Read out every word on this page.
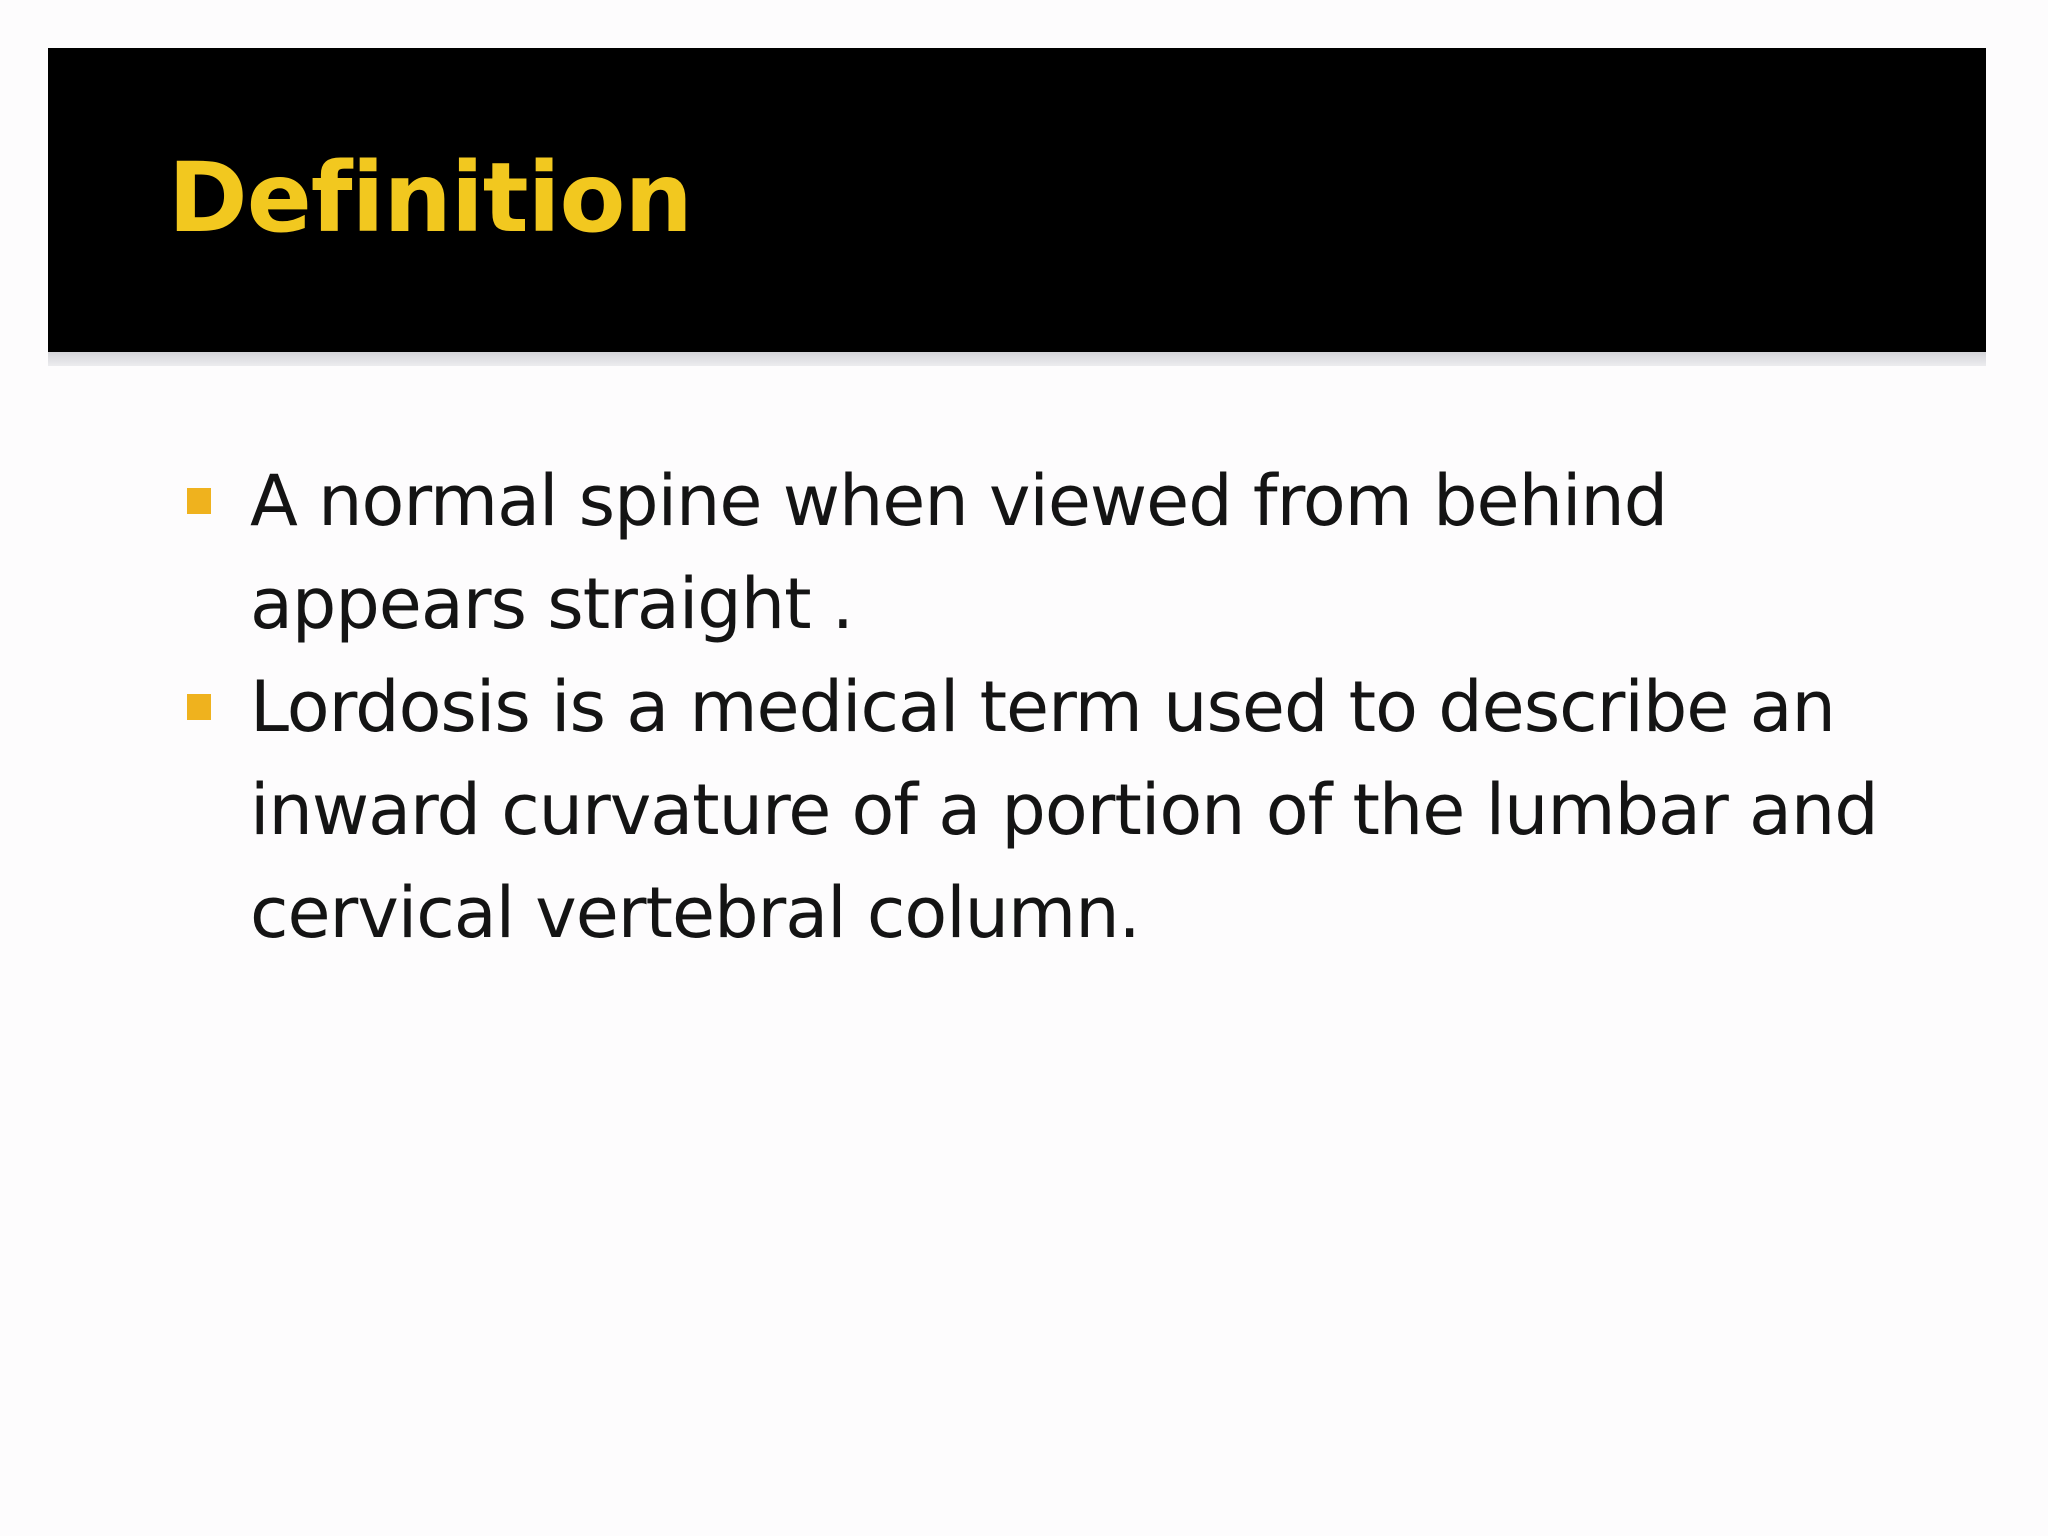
Definition
A normal spine when viewed from behind appears straight .
Lordosis is a medical term used to describe an inward curvature of a portion of the lumbar and cervical vertebral column.
